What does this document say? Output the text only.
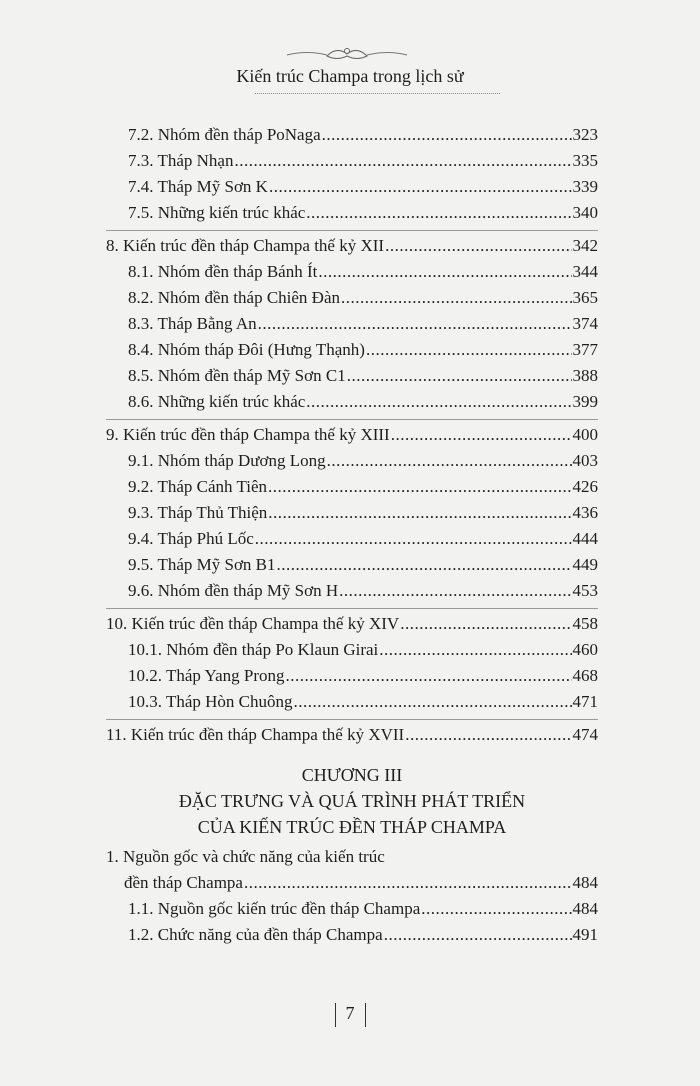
Kiến trúc Champa trong lịch sử
7.2. Nhóm đền tháp PoNaga .....	323
7.3. Tháp Nhạn .....	335
7.4. Tháp Mỹ Sơn K .....	339
7.5. Những kiến trúc khác .....	340
8. Kiến trúc đền tháp Champa thế kỷ XII .....	342
8.1. Nhóm đền tháp Bánh Ít .....	344
8.2. Nhóm đền tháp Chiên Đàn .....	365
8.3. Tháp Bằng An .....	374
8.4. Nhóm tháp Đôi (Hưng Thạnh) .....	377
8.5. Nhóm đền tháp Mỹ Sơn C1 .....	388
8.6. Những kiến trúc khác .....	399
9. Kiến trúc đền tháp Champa thế kỷ XIII .....	400
9.1. Nhóm tháp Dương Long .....	403
9.2. Tháp Cánh Tiên .....	426
9.3. Tháp Thủ Thiện .....	436
9.4. Tháp Phú Lốc .....	444
9.5. Tháp Mỹ Sơn B1 .....	449
9.6. Nhóm đền tháp Mỹ Sơn H .....	453
10. Kiến trúc đền tháp Champa thế kỷ XIV .....	458
10.1. Nhóm đền tháp Po Klaun Girai .....	460
10.2. Tháp Yang Prong .....	468
10.3. Tháp Hòn Chuông .....	471
11. Kiến trúc đền tháp Champa thế kỷ XVII .....	474
CHƯƠNG III
ĐẶC TRƯNG VÀ QUÁ TRÌNH PHÁT TRIỂN
CỦA KIẾN TRÚC ĐỀN THÁP CHAMPA
1. Nguồn gốc và chức năng của kiến trúc
đền tháp Champa .....	484
1.1. Nguồn gốc kiến trúc đền tháp Champa .....	484
1.2. Chức năng của đền tháp Champa .....	491
7
